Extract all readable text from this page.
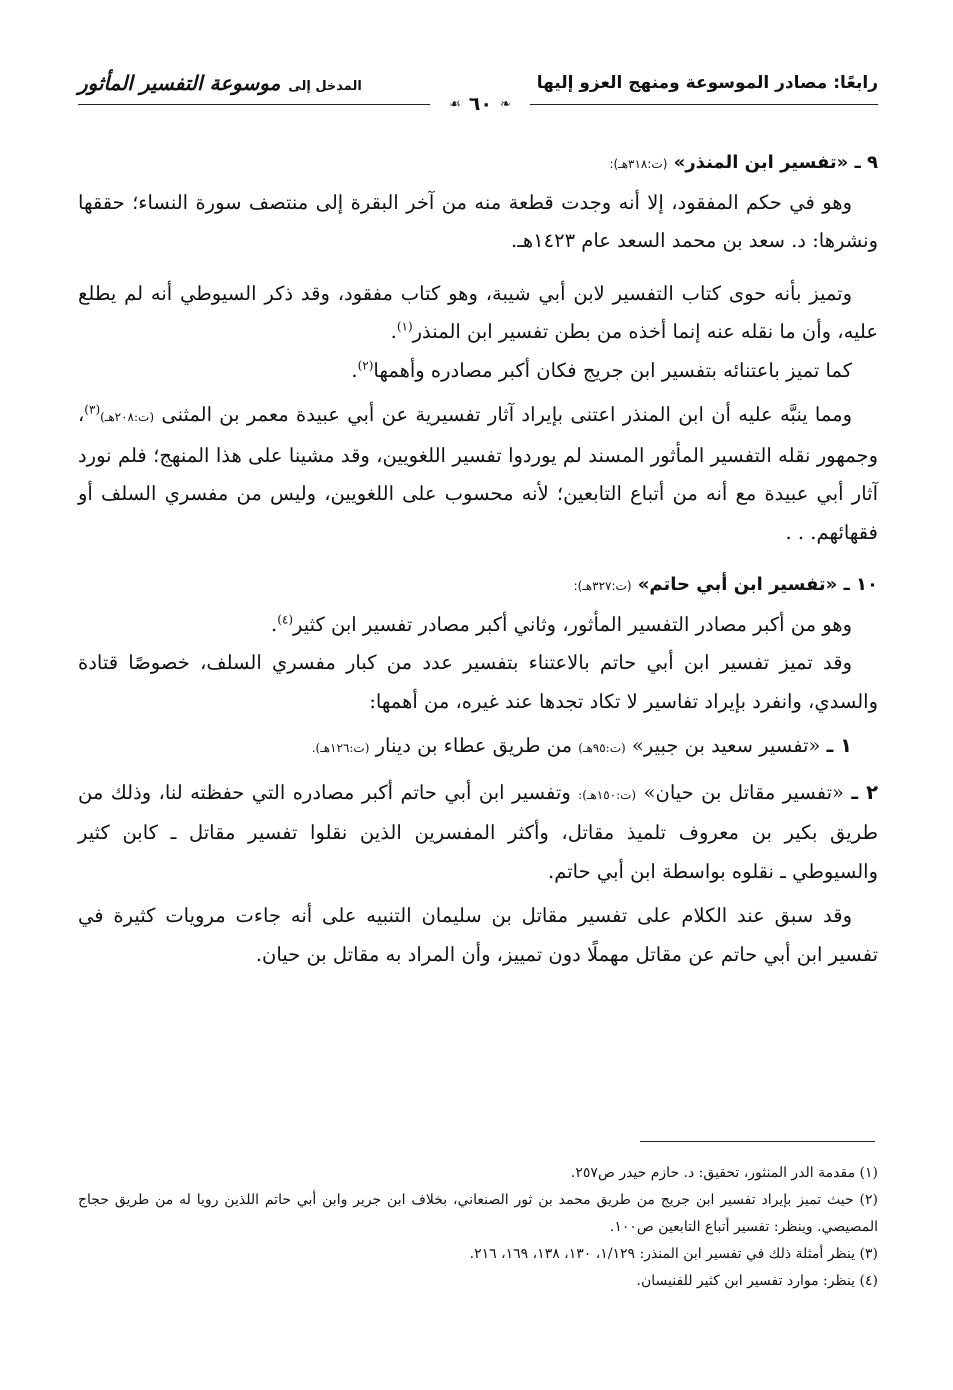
رابعًا: مصادر الموسوعة ومنهج العزو إليها
المدخل إلى
موسوعة التفسير المأثور
❧
٦٠
☙

٩ ـ «تفسير ابن المنذر» (ت:٣١٨هـ):

وهو في حكم المفقود، إلا أنه وجدت قطعة منه من آخر البقرة إلى منتصف سورة النساء؛ حققها ونشرها: د. سعد بن محمد السعد عام ١٤٢٣هـ.

وتميز بأنه حوى كتاب التفسير لابن أبي شيبة، وهو كتاب مفقود، وقد ذكر السيوطي أنه لم يطلع عليه، وأن ما نقله عنه إنما أخذه من بطن تفسير ابن المنذر$^{(١)}$.

كما تميز باعتنائه بتفسير ابن جريج فكان أكبر مصادره وأهمها$^{(٢)}$.

ومما ينبَّه عليه أن ابن المنذر اعتنى بإيراد آثار تفسيرية عن أبي عبيدة معمر بن المثنى (ت:٢٠٨هـ)$^{(٣)}$، وجمهور نقله التفسير المأثور المسند لم يوردوا تفسير اللغويين، وقد مشينا على هذا المنهج؛ فلم نورد آثار أبي عبيدة مع أنه من أتباع التابعين؛ لأنه محسوب على اللغويين، وليس من مفسري السلف أو فقهائهم. . .

١٠ ـ «تفسير ابن أبي حاتم» (ت:٣٢٧هـ):

وهو من أكبر مصادر التفسير المأثور، وثاني أكبر مصادر تفسير ابن كثير$^{(٤)}$.

وقد تميز تفسير ابن أبي حاتم بالاعتناء بتفسير عدد من كبار مفسري السلف، خصوصًا قتادة والسدي، وانفرد بإيراد تفاسير لا تكاد تجدها عند غيره، من أهمها:

١ ـ «تفسير سعيد بن جبير» (ت:٩٥هـ) من طريق عطاء بن دينار (ت:١٢٦هـ).

٢ ـ «تفسير مقاتل بن حيان» (ت:١٥٠هـ): وتفسير ابن أبي حاتم أكبر مصادره التي حفظته لنا، وذلك من طريق بكير بن معروف تلميذ مقاتل، وأكثر المفسرين الذين نقلوا تفسير مقاتل ـ كابن كثير والسيوطي ـ نقلوه بواسطة ابن أبي حاتم.

وقد سبق عند الكلام على تفسير مقاتل بن سليمان التنبيه على أنه جاءت مرويات كثيرة في تفسير ابن أبي حاتم عن مقاتل مهملًا دون تمييز، وأن المراد به مقاتل بن حيان.

(١) مقدمة الدر المنثور، تحقيق: د. حازم حيدر ص٢٥٧.

(٢) حيث تميز بإيراد تفسير ابن جريج من طريق محمد بن ثور الصنعاني، بخلاف ابن جرير وابن أبي حاتم اللذين رويا له من طريق حجاج المصيصي. وينظر: تفسير أتباع التابعين ص١٠٠.

(٣) ينظر أمثلة ذلك في تفسير ابن المنذر: ١/١٢٩، ١٣٠، ١٣٨، ١٦٩، ٢١٦.

(٤) ينظر: موارد تفسير ابن كثير للفنيسان.
